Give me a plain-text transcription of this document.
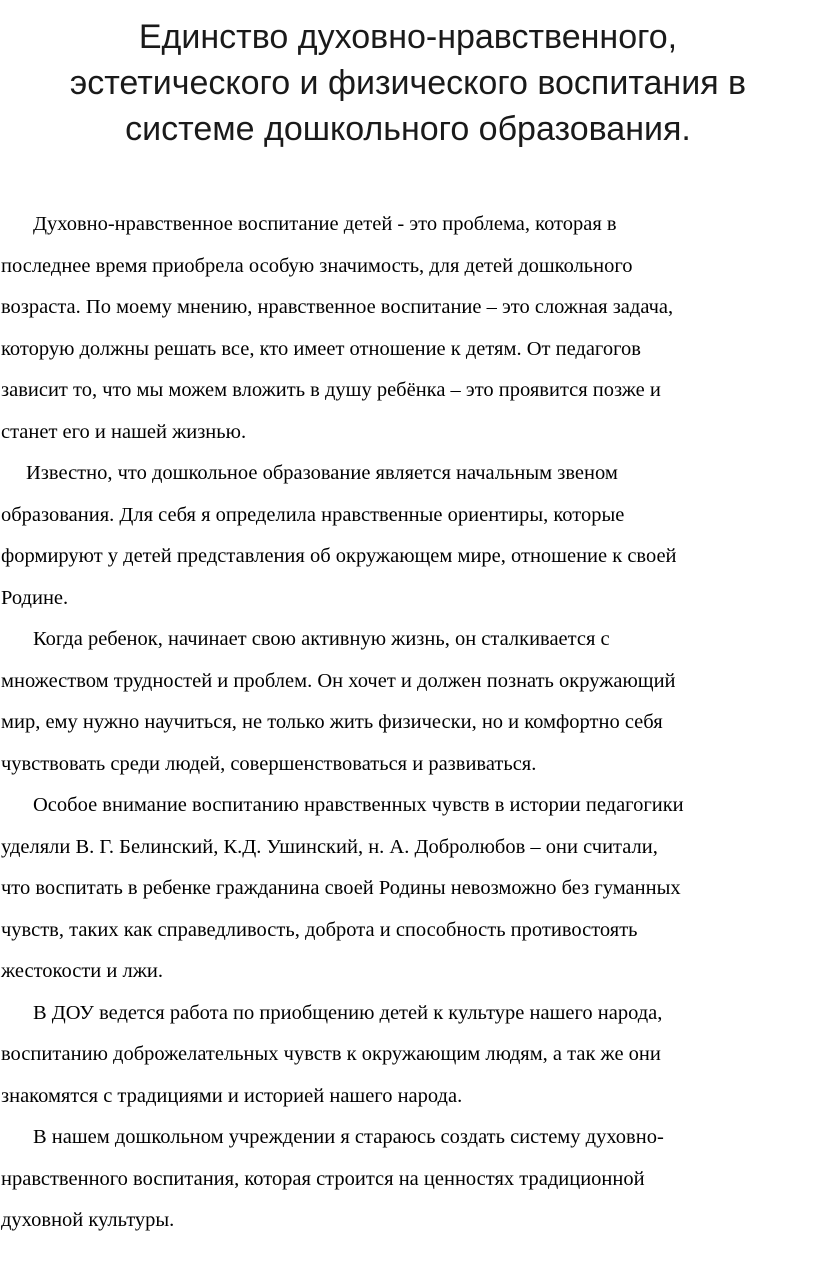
Единство духовно-нравственного,
эстетического и физического воспитания в
системе дошкольного образования.

Духовно-нравственное воспитание детей - это проблема, которая в
последнее время приобрела особую значимость, для детей дошкольного
возраста. По моему мнению, нравственное воспитание – это сложная задача,
которую должны решать все, кто имеет отношение к детям. От педагогов
зависит то, что мы можем вложить в душу ребёнка – это проявится позже и
станет его и нашей жизнью.

Известно, что дошкольное образование является начальным звеном
образования. Для себя я определила нравственные ориентиры, которые
формируют у детей представления об окружающем мире, отношение к своей
Родине.

Когда ребенок, начинает свою активную жизнь, он сталкивается с
множеством трудностей и проблем. Он хочет и должен познать окружающий
мир, ему нужно научиться, не только жить физически, но и комфортно себя
чувствовать среди людей, совершенствоваться и развиваться.

Особое внимание воспитанию нравственных чувств в истории педагогики
уделяли В. Г. Белинский, К.Д. Ушинский, н. А. Добролюбов – они считали,
что воспитать в ребенке гражданина своей Родины невозможно без гуманных
чувств, таких как справедливость, доброта и способность противостоять
жестокости и лжи.

В ДОУ ведется работа по приобщению детей к культуре нашего народа,
воспитанию доброжелательных чувств к окружающим людям, а так же они
знакомятся с традициями и историей нашего народа.

В нашем дошкольном учреждении я стараюсь создать систему духовно-
нравственного воспитания, которая строится на ценностях традиционной
духовной культуры.
